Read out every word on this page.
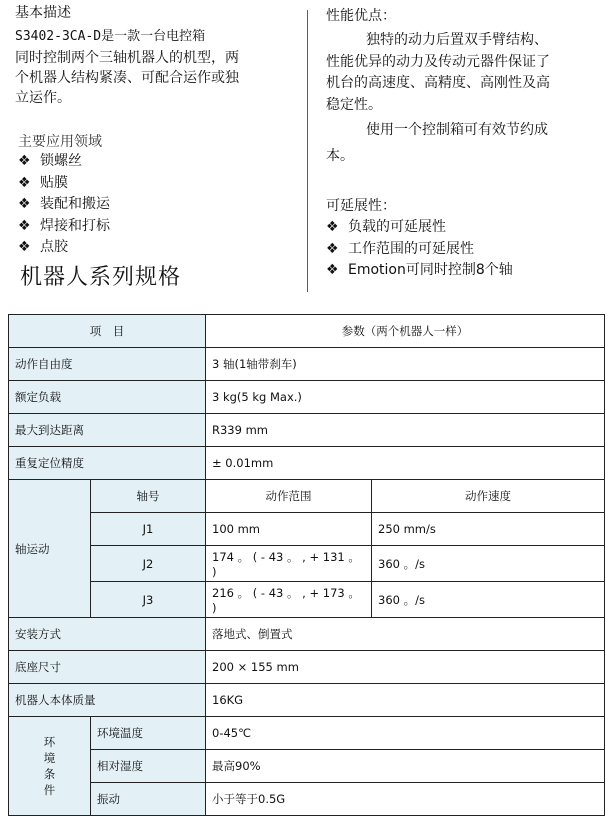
基本描述
S3402-3CA-D是一款一台电控箱
同时控制两个三轴机器人的机型，两
个机器人结构紧凑、可配合运作或独
立运作。
主要应用领域
❖ 锁螺丝
❖ 贴膜
❖ 装配和搬运
❖ 焊接和打标
❖ 点胶
机器人系列规格
性能优点：
独特的动力后置双手臂结构、
性能优异的动力及传动元器件保证了
机台的高速度、高精度、高刚性及高
稳定性。
使用一个控制箱可有效节约成
本。
可延展性：
❖ 负载的可延展性
❖ 工作范围的可延展性
❖ Emotion可同时控制8个轴
项　目		参数（两个机器人一样）	
动作自由度		3 轴(1轴带刹车)	
额定负载		3 kg(5 kg Max.)	
最大到达距离		R339 mm	
重复定位精度		± 0.01mm	
轴运动	轴号	动作范围	动作速度
	J1	100 mm	250 mm/s
	J2	174 。 ( - 43 。 , + 131 。 )	360 。/s
	J3	216 。 ( - 43 。 , + 173 。 )	360 。/s
安装方式		落地式、倒置式	
底座尺寸		200 × 155 mm	
机器人本体质量		16KG	

环
境
条
件	环境温度	0-45℃	
	相对湿度	最高90%	
	振动	小于等于0.5G	
